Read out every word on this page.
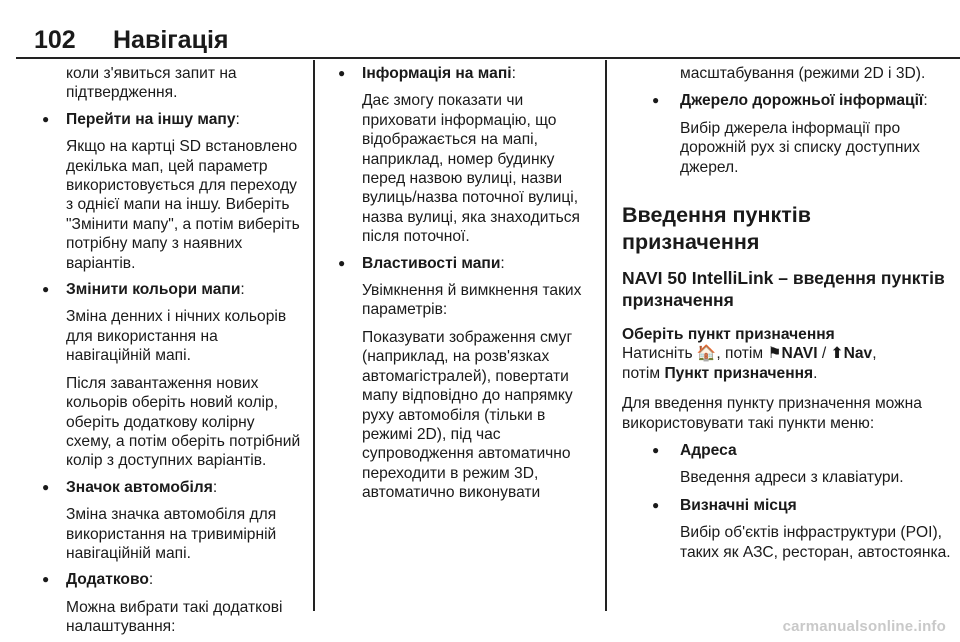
102 Навігація
коли з'явиться запит на підтвердження.
● Перейти на іншу мапу:
Якщо на картці SD встановлено декілька мап, цей параметр використовується для переходу з однієї мапи на іншу. Виберіть "Змінити мапу", а потім виберіть потрібну мапу з наявних варіантів.
● Змінити кольори мапи:
Зміна денних і нічних кольорів для використання на навігаційній мапі.
Після завантаження нових кольорів оберіть новий колір, оберіть додаткову колірну схему, а потім оберіть потрібний колір з доступних варіантів.
● Значок автомобіля:
Зміна значка автомобіля для використання на тривимірній навігаційній мапі.
● Додатково:
Можна вибрати такі додаткові налаштування:
● Інформація на мапі:
Дає змогу показати чи приховати інформацію, що відображається на мапі, наприклад, номер будинку перед назвою вулиці, назви вулиць/назва поточної вулиці, назва вулиці, яка знаходиться після поточної.
● Властивості мапи:
Увімкнення й вимкнення таких параметрів:
Показувати зображення смуг (наприклад, на розв'язках автомагістралей), повертати мапу відповідно до напрямку руху автомобіля (тільки в режимі 2D), під час супроводження автоматично переходити в режим 3D, автоматично виконувати
масштабування (режими 2D і 3D).
● Джерело дорожньої інформації:
Вибір джерела інформації про дорожній рух зі списку доступних джерел.
Введення пунктів призначення
NAVI 50 IntelliLink – введення пунктів призначення
Оберіть пункт призначення
Натисніть 🏠, потім ⚑NAVI / ⬆Nav,
потім Пункт призначення.
Для введення пункту призначення можна використовувати такі пункти меню:
● Адреса
Введення адреси з клавіатури.
● Визначні місця
Вибір об'єктів інфраструктури (POI), таких як АЗС, ресторан, автостоянка.
carmanualsonline.info
